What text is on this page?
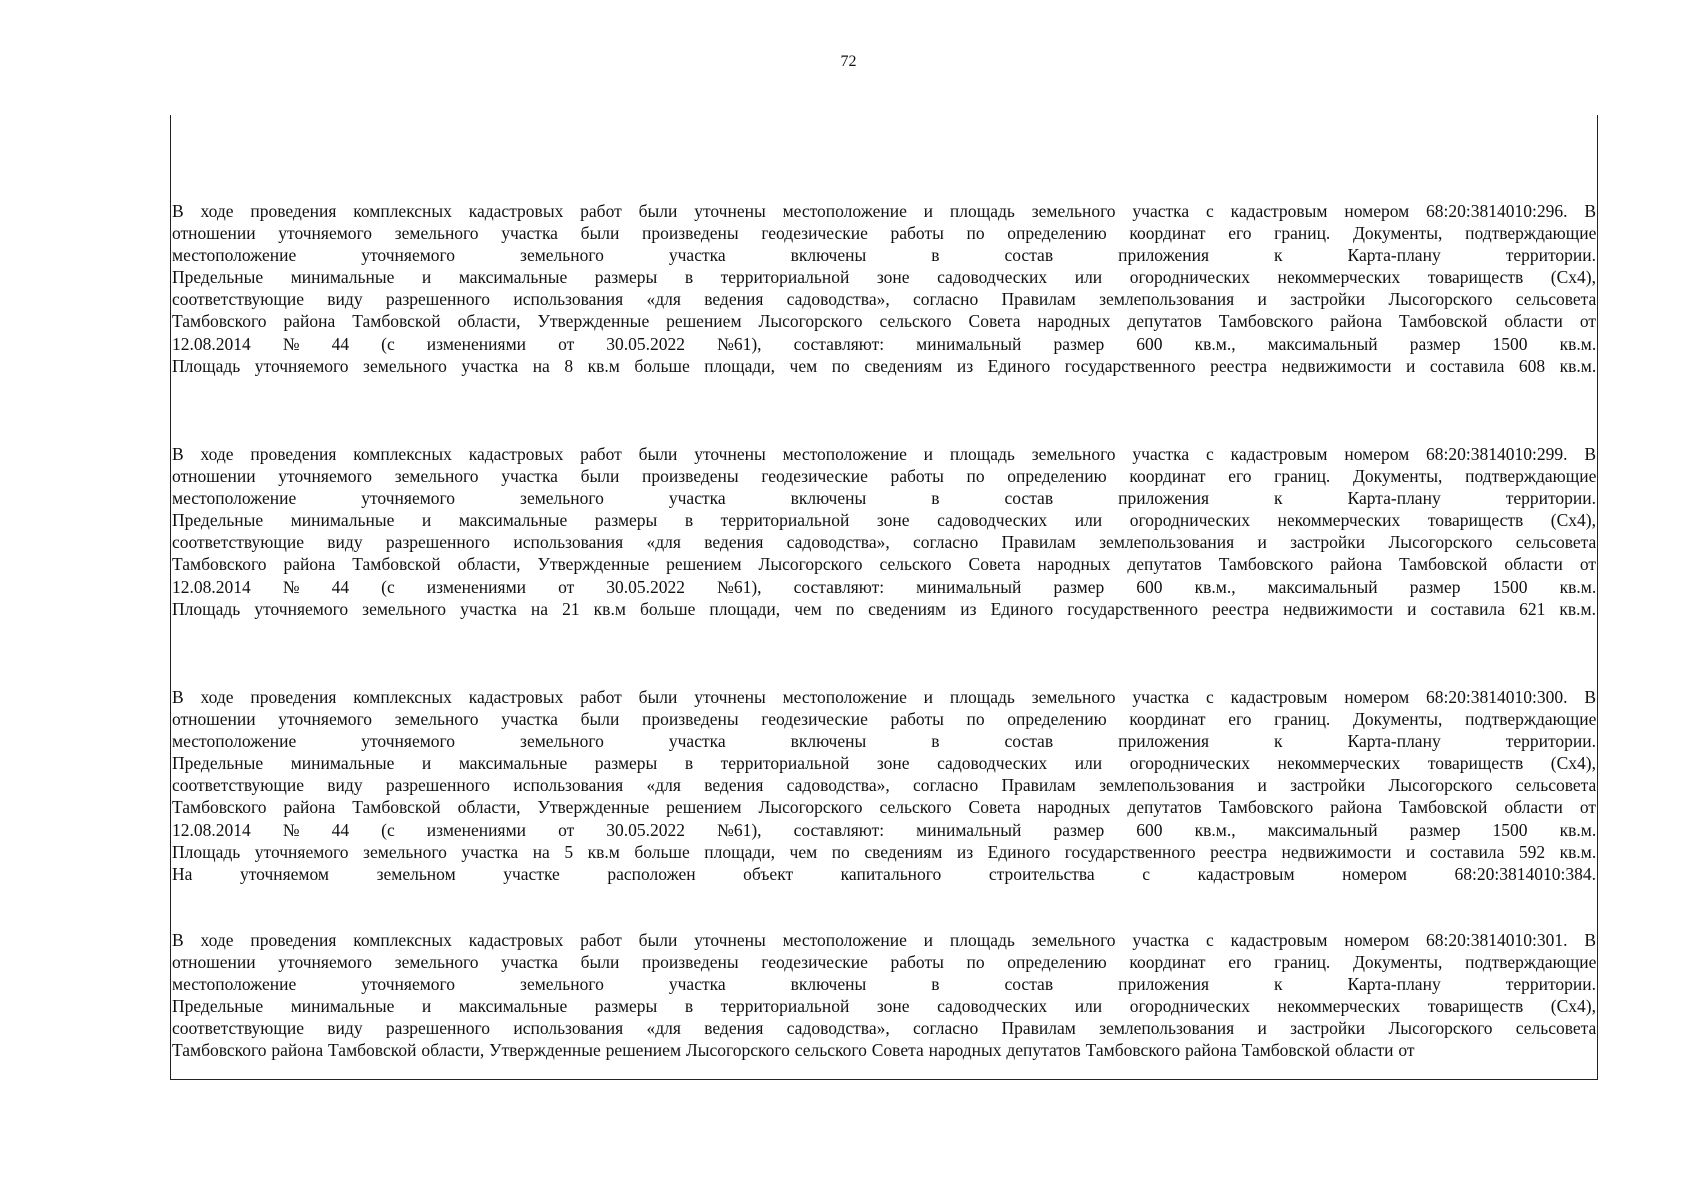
72
В ходе проведения комплексных кадастровых работ были уточнены местоположение и площадь земельного участка с кадастровым номером 68:20:3814010:296. В
отношении уточняемого земельного участка были произведены геодезические работы по определению координат его границ. Документы, подтверждающие
местоположение уточняемого земельного участка включены в состав приложения к Карта-плану территории.
Предельные минимальные и максимальные размеры в территориальной зоне садоводческих или огороднических некоммерческих товариществ (Сх4),
соответствующие виду разрешенного использования «для ведения садоводства», согласно Правилам землепользования и застройки Лысогорского сельсовета
Тамбовского района Тамбовской области, Утвержденные решением Лысогорского сельского Совета народных депутатов Тамбовского района Тамбовской области от
12.08.2014 № 44 (с изменениями от 30.05.2022 №61), составляют: минимальный размер 600 кв.м., максимальный размер 1500 кв.м.
Площадь уточняемого земельного участка на 8 кв.м больше площади, чем по сведениям из Единого государственного реестра недвижимости и составила 608 кв.м.
В ходе проведения комплексных кадастровых работ были уточнены местоположение и площадь земельного участка с кадастровым номером 68:20:3814010:299. В
отношении уточняемого земельного участка были произведены геодезические работы по определению координат его границ. Документы, подтверждающие
местоположение уточняемого земельного участка включены в состав приложения к Карта-плану территории.
Предельные минимальные и максимальные размеры в территориальной зоне садоводческих или огороднических некоммерческих товариществ (Сх4),
соответствующие виду разрешенного использования «для ведения садоводства», согласно Правилам землепользования и застройки Лысогорского сельсовета
Тамбовского района Тамбовской области, Утвержденные решением Лысогорского сельского Совета народных депутатов Тамбовского района Тамбовской области от
12.08.2014 № 44 (с изменениями от 30.05.2022 №61), составляют: минимальный размер 600 кв.м., максимальный размер 1500 кв.м.
Площадь уточняемого земельного участка на 21 кв.м больше площади, чем по сведениям из Единого государственного реестра недвижимости и составила 621 кв.м.
В ходе проведения комплексных кадастровых работ были уточнены местоположение и площадь земельного участка с кадастровым номером 68:20:3814010:300. В
отношении уточняемого земельного участка были произведены геодезические работы по определению координат его границ. Документы, подтверждающие
местоположение уточняемого земельного участка включены в состав приложения к Карта-плану территории.
Предельные минимальные и максимальные размеры в территориальной зоне садоводческих или огороднических некоммерческих товариществ (Сх4),
соответствующие виду разрешенного использования «для ведения садоводства», согласно Правилам землепользования и застройки Лысогорского сельсовета
Тамбовского района Тамбовской области, Утвержденные решением Лысогорского сельского Совета народных депутатов Тамбовского района Тамбовской области от
12.08.2014 № 44 (с изменениями от 30.05.2022 №61), составляют: минимальный размер 600 кв.м., максимальный размер 1500 кв.м.
Площадь уточняемого земельного участка на 5 кв.м больше площади, чем по сведениям из Единого государственного реестра недвижимости и составила 592 кв.м.
На уточняемом земельном участке расположен объект капитального строительства с кадастровым номером 68:20:3814010:384.
В ходе проведения комплексных кадастровых работ были уточнены местоположение и площадь земельного участка с кадастровым номером 68:20:3814010:301. В
отношении уточняемого земельного участка были произведены геодезические работы по определению координат его границ. Документы, подтверждающие
местоположение уточняемого земельного участка включены в состав приложения к Карта-плану территории.
Предельные минимальные и максимальные размеры в территориальной зоне садоводческих или огороднических некоммерческих товариществ (Сх4),
соответствующие виду разрешенного использования «для ведения садоводства», согласно Правилам землепользования и застройки Лысогорского сельсовета
Тамбовского района Тамбовской области, Утвержденные решением Лысогорского сельского Совета народных депутатов Тамбовского района Тамбовской области от
